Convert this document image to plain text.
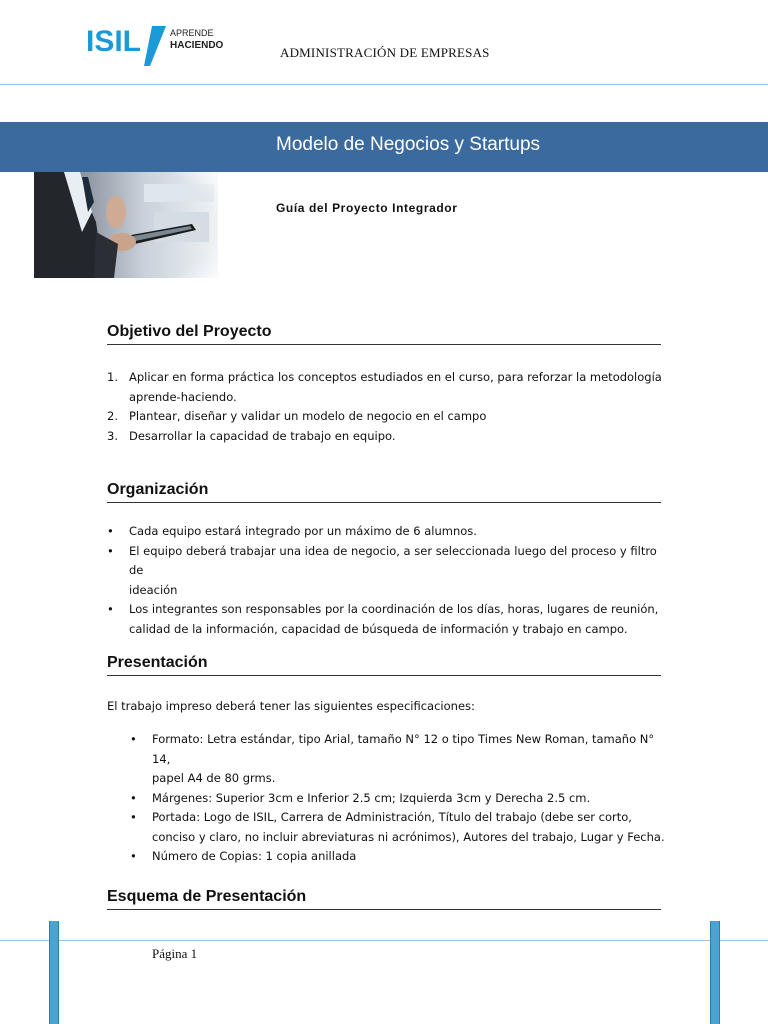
ISIL	APRENDE
HACIENDO	ADMINISTRACIÓN DE EMPRESAS
Modelo de Negocios y Startups
Guía del Proyecto Integrador
Objetivo del Proyecto
1. Aplicar en forma práctica los conceptos estudiados en el curso, para reforzar la metodología
aprende-haciendo.
2. Plantear, diseñar y validar un modelo de negocio en el campo
3. Desarrollar la capacidad de trabajo en equipo.
Organización
• Cada equipo estará integrado por un máximo de 6 alumnos.
• El equipo deberá trabajar una idea de negocio, a ser seleccionada luego del proceso y filtro de
ideación
• Los integrantes son responsables por la coordinación de los días, horas, lugares de reunión,
calidad de la información, capacidad de búsqueda de información y trabajo en campo.
Presentación
El trabajo impreso deberá tener las siguientes especificaciones:
• Formato: Letra estándar, tipo Arial, tamaño N° 12 o tipo Times New Roman, tamaño N° 14,
papel A4 de 80 grms.
• Márgenes: Superior 3cm e Inferior 2.5 cm; Izquierda 3cm y Derecha 2.5 cm.
• Portada: Logo de ISIL, Carrera de Administración, Título del trabajo (debe ser corto,
conciso y claro, no incluir abreviaturas ni acrónimos), Autores del trabajo, Lugar y Fecha.
• Número de Copias: 1 copia anillada
Esquema de Presentación
Página 1
